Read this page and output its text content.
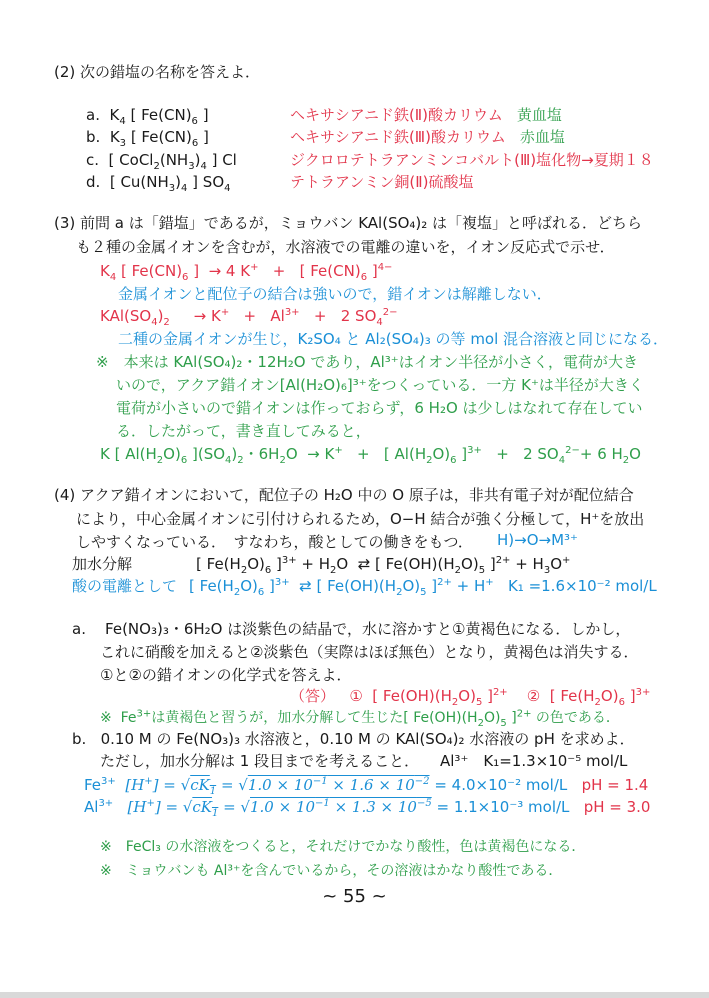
(2) 次の錯塩の名称を答えよ．
a.  $K_4$ [ $Fe(CN)_6$ ]	ヘキサシアニド鉄(Ⅱ)酸カリウム 黄血塩
b.  $K_3$ [ $Fe(CN)_6$ ]	ヘキサシアニド鉄(Ⅲ)酸カリウム 赤血塩
c.  [ $CoCl_2(NH_3)_4$ ] Cl	ジクロロテトラアンミンコバルト(Ⅲ)塩化物→夏期１８
d.  [ $Cu(NH_3)_4$ ] $SO_4$	テトラアンミン銅(Ⅱ)硫酸塩
(3) 前問 a は「錯塩」であるが，ミョウバン KAl(SO₄)₂ は「複塩」と呼ばれる．どちら
も２種の金属イオンを含むが，水溶液での電離の違いを，イオン反応式で示せ．
$K_4$ [ $Fe(CN)_6$ ]  → 4 K+   +   [ $Fe(CN)_6$ ]$^{4-}$
金属イオンと配位子の結合は強いので，錯イオンは解離しない．
$KAl(SO_4)_2$     → $K^+ + Al^{3+} + 2$ $SO_4^{2-}$
二種の金属イオンが生じ，K₂SO₄ と Al₂(SO₄)₃ の等 mol 混合溶液と同じになる．
※　本来は KAl(SO₄)₂・12H₂O であり，Al³⁺はイオン半径が小さく，電荷が大き
いので，アクア錯イオン[Al(H₂O)₆]³⁺をつくっている．一方 K⁺は半径が大きく
電荷が小さいので錯イオンは作っておらず，6 H₂O は少しはなれて存在してい
る．したがって，書き直してみると，
K [ $Al(H_2O)_6$ ]$(SO_4)_2$・$6H_2O \to K^+$   +   [ $Al(H_2O)_6$ ]$^{3+}$   +   2 $SO_4^{2-}+ 6$ $H_2O$
(4) アクア錯イオンにおいて，配位子の H₂O 中の O 原子は，非共有電子対が配位結合
により，中心金属イオンに引付けられるため，O−H 結合が強く分極して，H⁺を放出
しやすくなっている．　すなわち，酸としての働きをもつ． H)→O→M³⁺
加水分解	[ $Fe(H_2O)_6$ ]$^{3+} + H_2O$  ⇄ [ $Fe(OH)(H_2O)_5$ ]$^{2+} + H_3O^+$
酸の電離として [ $Fe(H_2O)_6$ ]$^{3+}$  ⇄ [ $Fe(OH)(H_2O)_5$ ]$^{2+}$ + H+ K₁ =1.6×10⁻² mol/L
a.    Fe(NO₃)₃・6H₂O は淡紫色の結晶で，水に溶かすと①黄褐色になる．しかし，
これに硝酸を加えると②淡紫色（実際はほぼ無色）となり，黄褐色は消失する．
①と②の錯イオンの化学式を答えよ．
（答）   ①  [ $Fe(OH)(H_2O)_5$ ]$^{2+}$    ②  [ $Fe(H_2O)_6$ ]$^{3+}$
※  $Fe^{3+}$は黄褐色と習うが，加水分解して生じた[ $Fe(OH)(H_2O)_5$ ]$^{2+}$ の色である．
b.   0.10 M の Fe(NO₃)₃ 水溶液と，0.10 M の KAl(SO₄)₂ 水溶液の pH を求めよ．
ただし，加水分解は 1 段目までを考えること． Al³⁺　K₁=1.3×10⁻⁵ mol/L
$Fe^{3+}$ $[H^+] = √cK_1 = √1.0 \times 10^{-1} \times 1.6 \times 10^{-2} = 4.0\times 10^{-2}$ mol/L pH = 1.4
$Al^{3+}$ $[H^+] = √cK_1 = √1.0 \times 10^{-1} \times 1.3 \times 10^{-5} = 1.1\times 10^{-3}$ mol/L pH = 3.0
※　FeCl₃ の水溶液をつくると，それだけでかなり酸性，色は黄褐色になる．
※　ミョウバンも Al³⁺を含んでいるから，その溶液はかなり酸性である．
~ 55 ~
